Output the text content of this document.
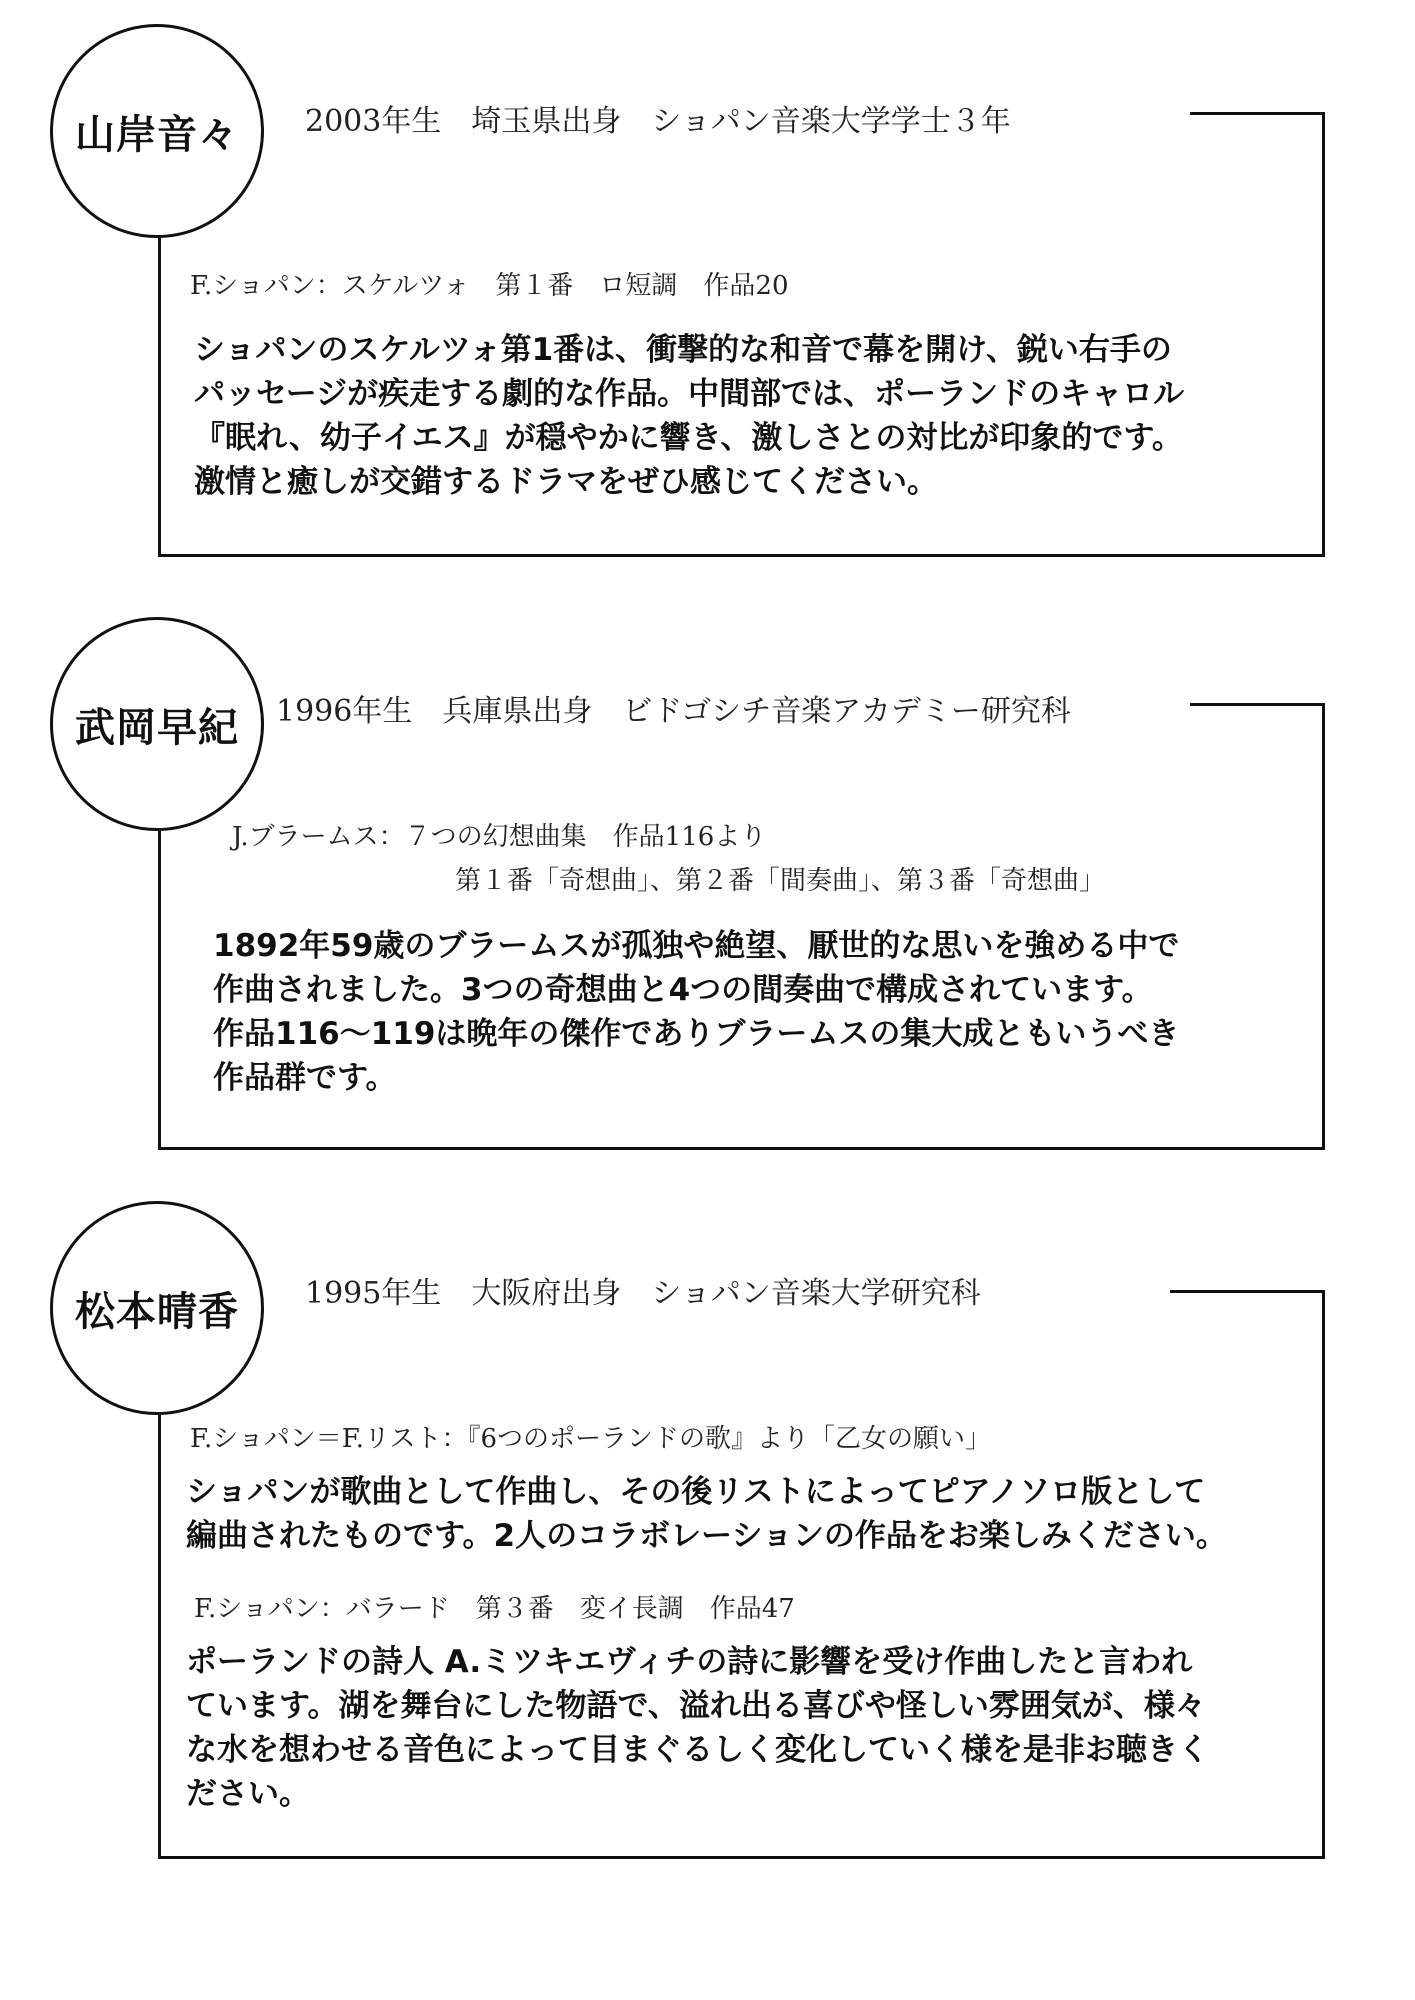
山岸音々 2003年生　埼玉県出身　ショパン音楽大学学士３年
F.ショパン：スケルツォ　第１番　ロ短調　作品20
ショパンのスケルツォ第1番は、衝撃的な和音で幕を開け、鋭い右手の
パッセージが疾走する劇的な作品。中間部では、ポーランドのキャロル
『眠れ、幼子イエス』が穏やかに響き、激しさとの対比が印象的です。
激情と癒しが交錯するドラマをぜひ感じてください。
武岡早紀 1996年生　兵庫県出身　ビドゴシチ音楽アカデミー研究科
J.ブラームス：７つの幻想曲集　作品116より
第１番「奇想曲」、第２番「間奏曲」、第３番「奇想曲」
1892年59歳のブラームスが孤独や絶望、厭世的な思いを強める中で
作曲されました。3つの奇想曲と4つの間奏曲で構成されています。
作品116〜119は晩年の傑作でありブラームスの集大成ともいうべき
作品群です。
松本晴香 1995年生　大阪府出身　ショパン音楽大学研究科
F.ショパン＝F.リスト：『6つのポーランドの歌』より「乙女の願い」
ショパンが歌曲として作曲し、その後リストによってピアノソロ版として
編曲されたものです。2人のコラボレーションの作品をお楽しみください。
F.ショパン：バラード　第３番　変イ長調　作品47
ポーランドの詩人 A.ミツキエヴィチの詩に影響を受け作曲したと言われ
ています。湖を舞台にした物語で、溢れ出る喜びや怪しい雰囲気が、様々
な水を想わせる音色によって目まぐるしく変化していく様を是非お聴きく
ださい。
